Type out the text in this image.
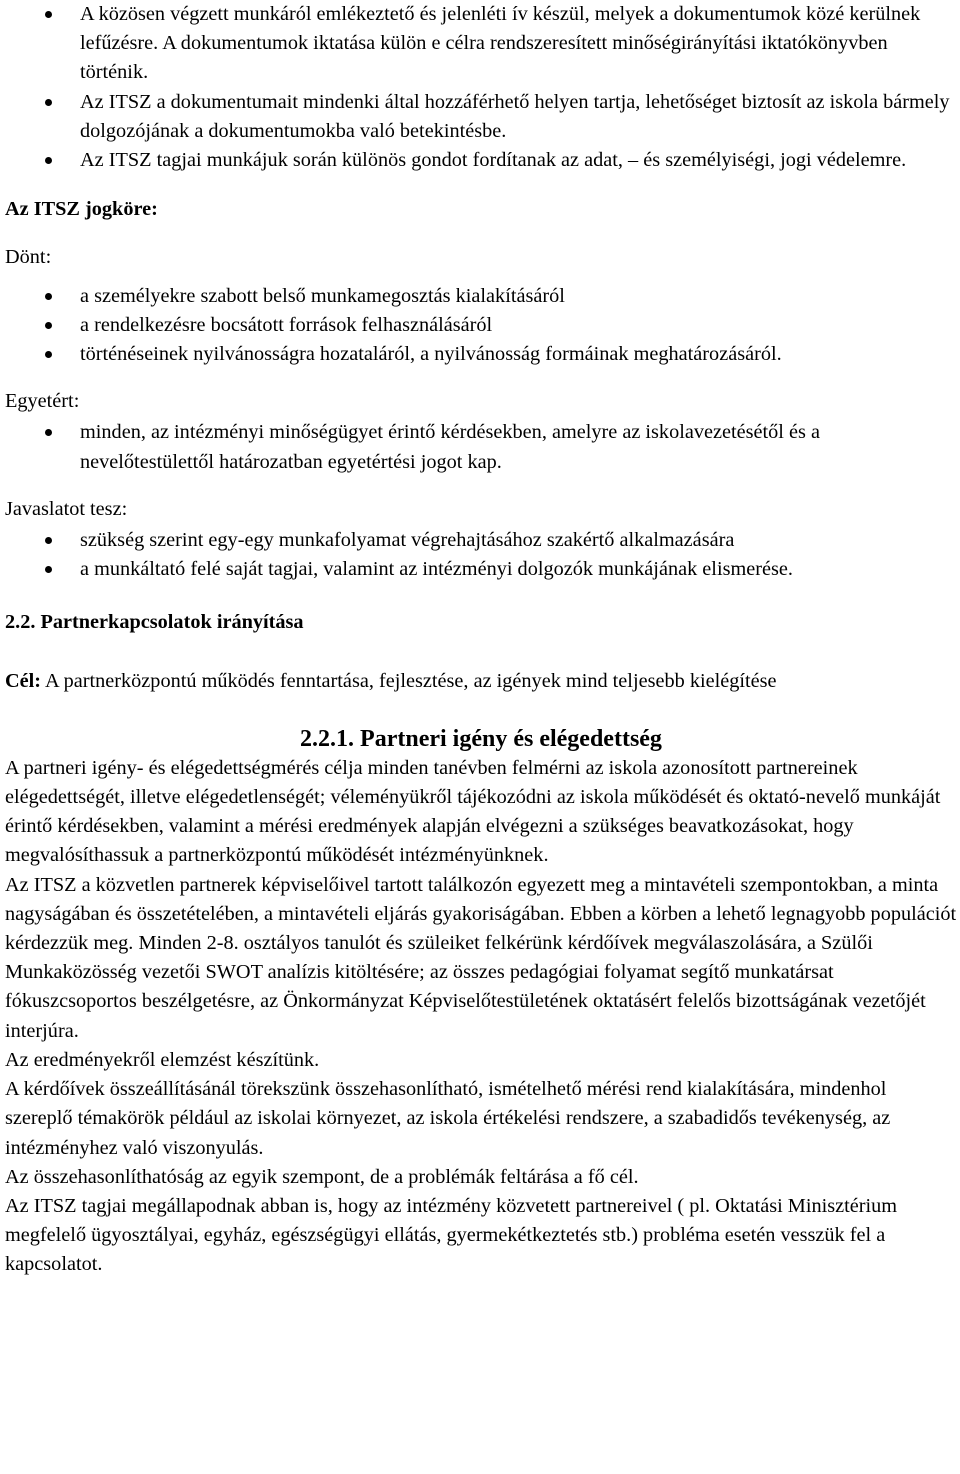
A közösen végzett munkáról emlékeztető és jelenléti ív készül, melyek a dokumentumok közé kerülnek lefűzésre. A dokumentumok iktatása külön e célra rendszeresített minőségirányítási iktatókönyvben történik.
Az ITSZ a dokumentumait mindenki által hozzáférhető helyen tartja, lehetőséget biztosít az iskola bármely dolgozójának a dokumentumokba való betekintésbe.
Az ITSZ tagjai munkájuk során különös gondot fordítanak az adat, – és személyiségi, jogi védelemre.
Az ITSZ jogköre:
Dönt:
a személyekre szabott belső munkamegosztás kialakításáról
a rendelkezésre bocsátott források felhasználásáról
történéseinek nyilvánosságra hozataláról, a nyilvánosság formáinak meghatározásáról.
Egyetért:
minden, az intézményi minőségügyet érintő kérdésekben, amelyre az iskolavezetésétől és a nevelőtestülettől határozatban egyetértési jogot kap.
Javaslatot tesz:
szükség szerint egy-egy munkafolyamat végrehajtásához szakértő alkalmazására
a munkáltató felé saját tagjai, valamint az intézményi dolgozók munkájának elismerése.
2.2. Partnerkapcsolatok irányítása
Cél: A partnerközpontú működés fenntartása, fejlesztése, az igények mind teljesebb kielégítése
2.2.1. Partneri igény és elégedettség

A partneri igény- és elégedettségmérés célja minden tanévben felmérni az iskola azonosított partnereinek elégedettségét, illetve elégedetlenségét; véleményükről tájékozódni az iskola működését és oktató-nevelő munkáját érintő kérdésekben, valamint a mérési eredmények alapján elvégezni a szükséges beavatkozásokat, hogy megvalósíthassuk a partnerközpontú működését intézményünknek.

Az ITSZ a közvetlen partnerek képviselőivel tartott találkozón egyezett meg a mintavételi szempontokban, a minta nagyságában és összetételében, a mintavételi eljárás gyakoriságában. Ebben a körben a lehető legnagyobb populációt kérdezzük meg. Minden 2-8. osztályos tanulót és szüleiket felkérünk kérdőívek megválaszolására, a Szülői Munkaközösség vezetői SWOT analízis kitöltésére; az összes pedagógiai folyamat segítő munkatársat fókuszcsoportos beszélgetésre, az Önkormányzat Képviselőtestületének oktatásért felelős bizottságának vezetőjét interjúra.

Az eredményekről elemzést készítünk.

A kérdőívek összeállításánál törekszünk összehasonlítható, ismételhető mérési rend kialakítására, mindenhol szereplő témakörök például az iskolai környezet, az iskola értékelési rendszere, a szabadidős tevékenység, az intézményhez való viszonyulás.

Az összehasonlíthatóság az egyik szempont, de a problémák feltárása a fő cél.

Az ITSZ tagjai megállapodnak abban is, hogy az intézmény közvetett partnereivel ( pl. Oktatási Minisztérium megfelelő ügyosztályai, egyház, egészségügyi ellátás, gyermekétkeztetés stb.) probléma esetén vesszük fel a kapcsolatot.
